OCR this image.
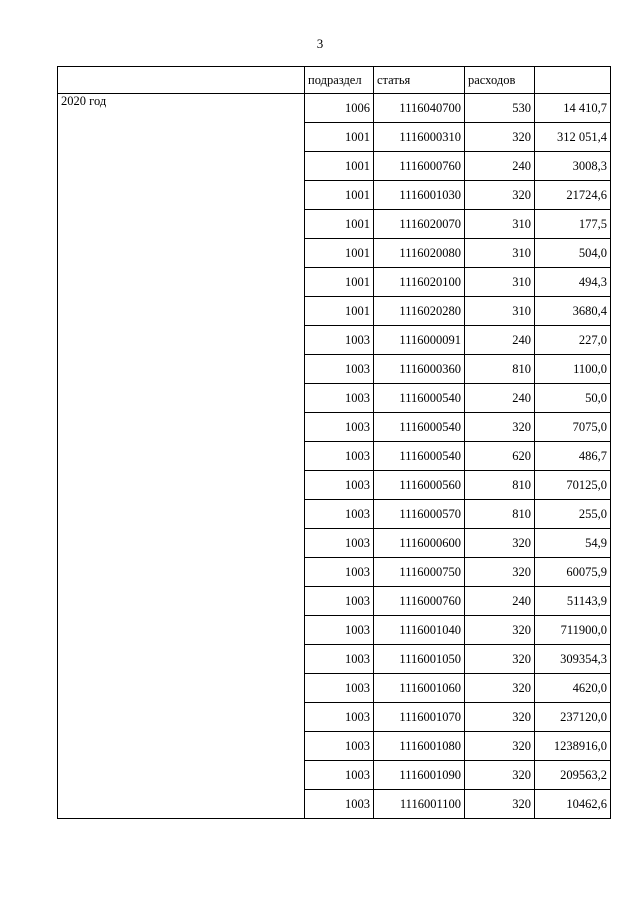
3
	подраздел	статья	расходов	
2020 год	1006	1116040700	530	14 410,7
	1001	1116000310	320	312 051,4
	1001	1116000760	240	3008,3
	1001	1116001030	320	21724,6
	1001	1116020070	310	177,5
	1001	1116020080	310	504,0
	1001	1116020100	310	494,3
	1001	1116020280	310	3680,4
	1003	1116000091	240	227,0
	1003	1116000360	810	1100,0
	1003	1116000540	240	50,0
	1003	1116000540	320	7075,0
	1003	1116000540	620	486,7
	1003	1116000560	810	70125,0
	1003	1116000570	810	255,0
	1003	1116000600	320	54,9
	1003	1116000750	320	60075,9
	1003	1116000760	240	51143,9
	1003	1116001040	320	711900,0
	1003	1116001050	320	309354,3
	1003	1116001060	320	4620,0
	1003	1116001070	320	237120,0
	1003	1116001080	320	1238916,0
	1003	1116001090	320	209563,2
	1003	1116001100	320	10462,6
